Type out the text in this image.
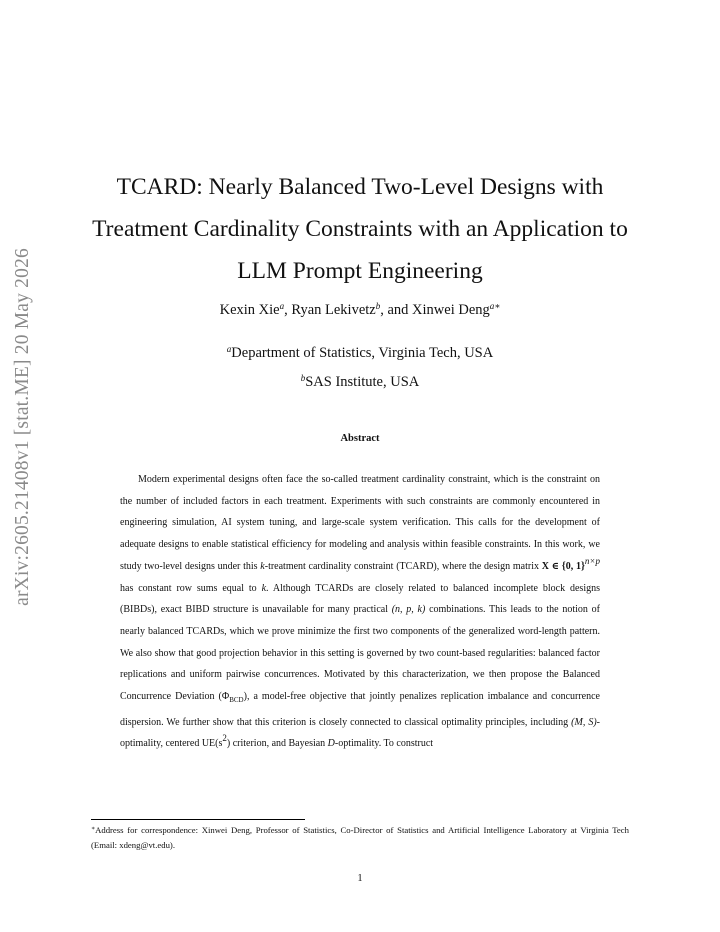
arXiv:2605.21408v1 [stat.ME] 20 May 2026
TCARD: Nearly Balanced Two-Level Designs with Treatment Cardinality Constraints with an Application to LLM Prompt Engineering
Kexin Xie$^a$, Ryan Lekivetz$^b$, and Xinwei Deng$^{a∗}$
$^a$Department of Statistics, Virginia Tech, USA
$^b$SAS Institute, USA
Abstract

Modern experimental designs often face the so-called treatment cardinality constraint, which is the constraint on the number of included factors in each treatment. Experiments with such constraints are commonly encountered in engineering simulation, AI system tuning, and large-scale system verification. This calls for the development of adequate designs to enable statistical efficiency for modeling and analysis within feasible constraints. In this work, we study two-level designs under this k-treatment cardinality constraint (TCARD), where the design matrix X ∈ {0, 1}$^{n\times p}$ has constant row sums equal to k. Although TCARDs are closely related to balanced incomplete block designs (BIBDs), exact BIBD structure is unavailable for many practical (n, p, k) combinations. This leads to the notion of nearly balanced TCARDs, which we prove minimize the first two components of the generalized word-length pattern. We also show that good projection behavior in this setting is governed by two count-based regularities: balanced factor replications and uniform pairwise concurrences. Motivated by this characterization, we then propose the Balanced Concurrence Deviation $(\Phi_{BCD})$, a model-free objective that jointly penalizes replication imbalance and concurrence dispersion. We further show that this criterion is closely connected to classical optimality principles, including (M, S)-optimality, centered $UE(s^2)$ criterion, and Bayesian D-optimality. To construct

∗Address for correspondence: Xinwei Deng, Professor of Statistics, Co-Director of Statistics and Artificial Intelligence Laboratory at Virginia Tech (Email: xdeng@vt.edu).
1
